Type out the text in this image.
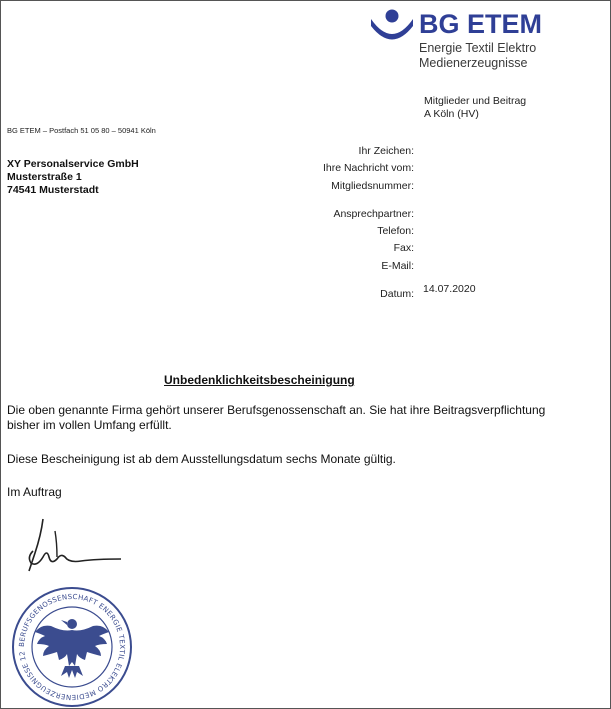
BG ETEM
Energie Textil Elektro
Medienerzeugnisse
Mitglieder und Beitrag
A Köln (HV)
BG ETEM – Postfach 51 05 80 – 50941 Köln
XY Personalservice GmbH
Musterstraße 1
74541 Musterstadt
Ihr Zeichen:
Ihre Nachricht vom:
Mitgliedsnummer:
Ansprechpartner:
Telefon:
Fax:
E-Mail:
Datum: 14.07.2020
Unbedenklichkeitsbescheinigung
Die oben genannte Firma gehört unserer Berufsgenossenschaft an. Sie hat ihre Beitragsverpflichtung
bisher im vollen Umfang erfüllt.
Diese Bescheinigung ist ab dem Ausstellungsdatum sechs Monate gültig.
Im Auftrag
BERUFSGENOSSENSCHAFT ENERGIE TEXTIL ELEKTRO MEDIENERZEUGNISSE 12
